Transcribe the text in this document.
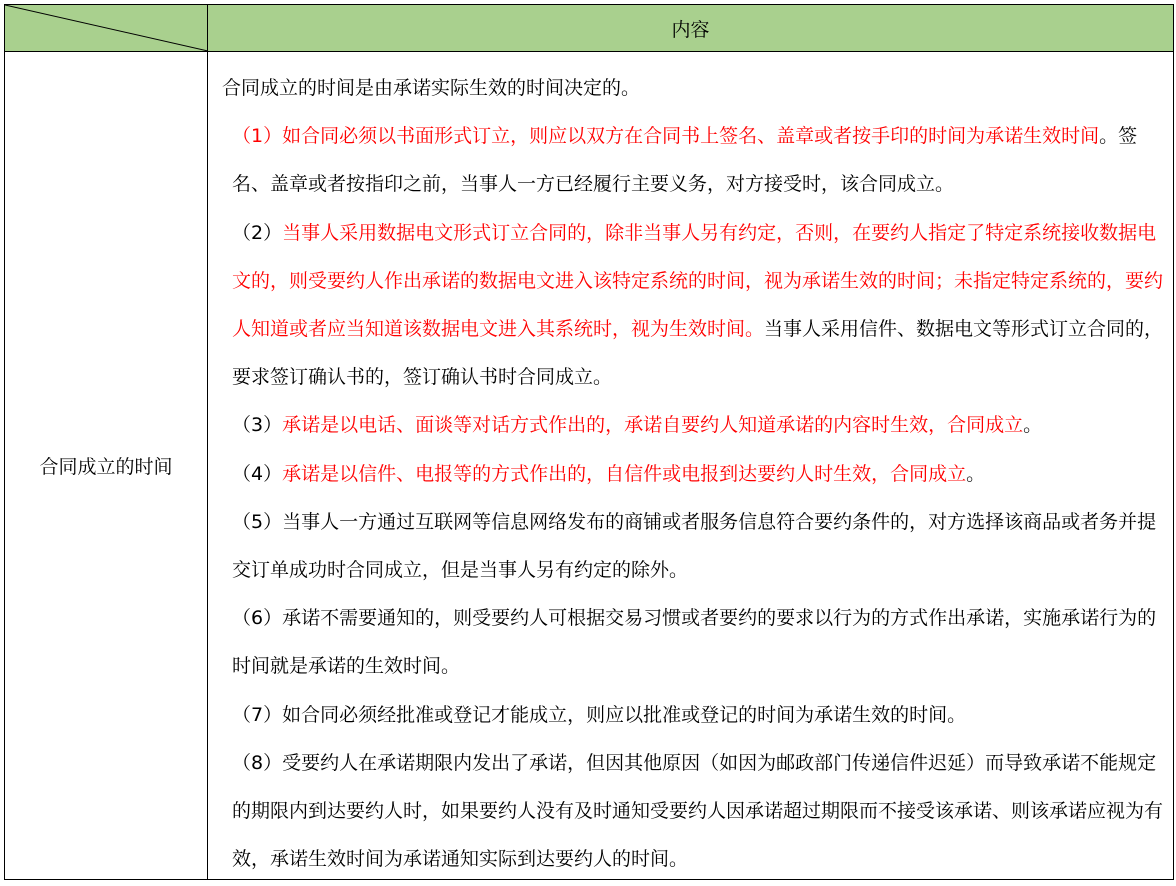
内容
合同成立的时间
合同成立的时间是由承诺实际生效的时间决定的。
（1）如合同必须以书面形式订立，则应以双方在合同书上签名、盖章或者按手印的时间为承诺生效时间。签名、盖章或者按指印之前，当事人一方已经履行主要义务，对方接受时，该合同成立。
（2）当事人采用数据电文形式订立合同的，除非当事人另有约定，否则，在要约人指定了特定系统接收数据电文的，则受要约人作出承诺的数据电文进入该特定系统的时间，视为承诺生效的时间；未指定特定系统的，要约人知道或者应当知道该数据电文进入其系统时，视为生效时间。当事人采用信件、数据电文等形式订立合同的，要求签订确认书的，签订确认书时合同成立。
（3）承诺是以电话、面谈等对话方式作出的，承诺自要约人知道承诺的内容时生效，合同成立。
（4）承诺是以信件、电报等的方式作出的，自信件或电报到达要约人时生效，合同成立。
（5）当事人一方通过互联网等信息网络发布的商铺或者服务信息符合要约条件的，对方选择该商品或者务并提交订单成功时合同成立，但是当事人另有约定的除外。
（6）承诺不需要通知的，则受要约人可根据交易习惯或者要约的要求以行为的方式作出承诺，实施承诺行为的时间就是承诺的生效时间。
（7）如合同必须经批准或登记才能成立，则应以批准或登记的时间为承诺生效的时间。
（8）受要约人在承诺期限内发出了承诺，但因其他原因（如因为邮政部门传递信件迟延）而导致承诺不能规定的期限内到达要约人时，如果要约人没有及时通知受要约人因承诺超过期限而不接受该承诺、则该承诺应视为有效，承诺生效时间为承诺通知实际到达要约人的时间。
